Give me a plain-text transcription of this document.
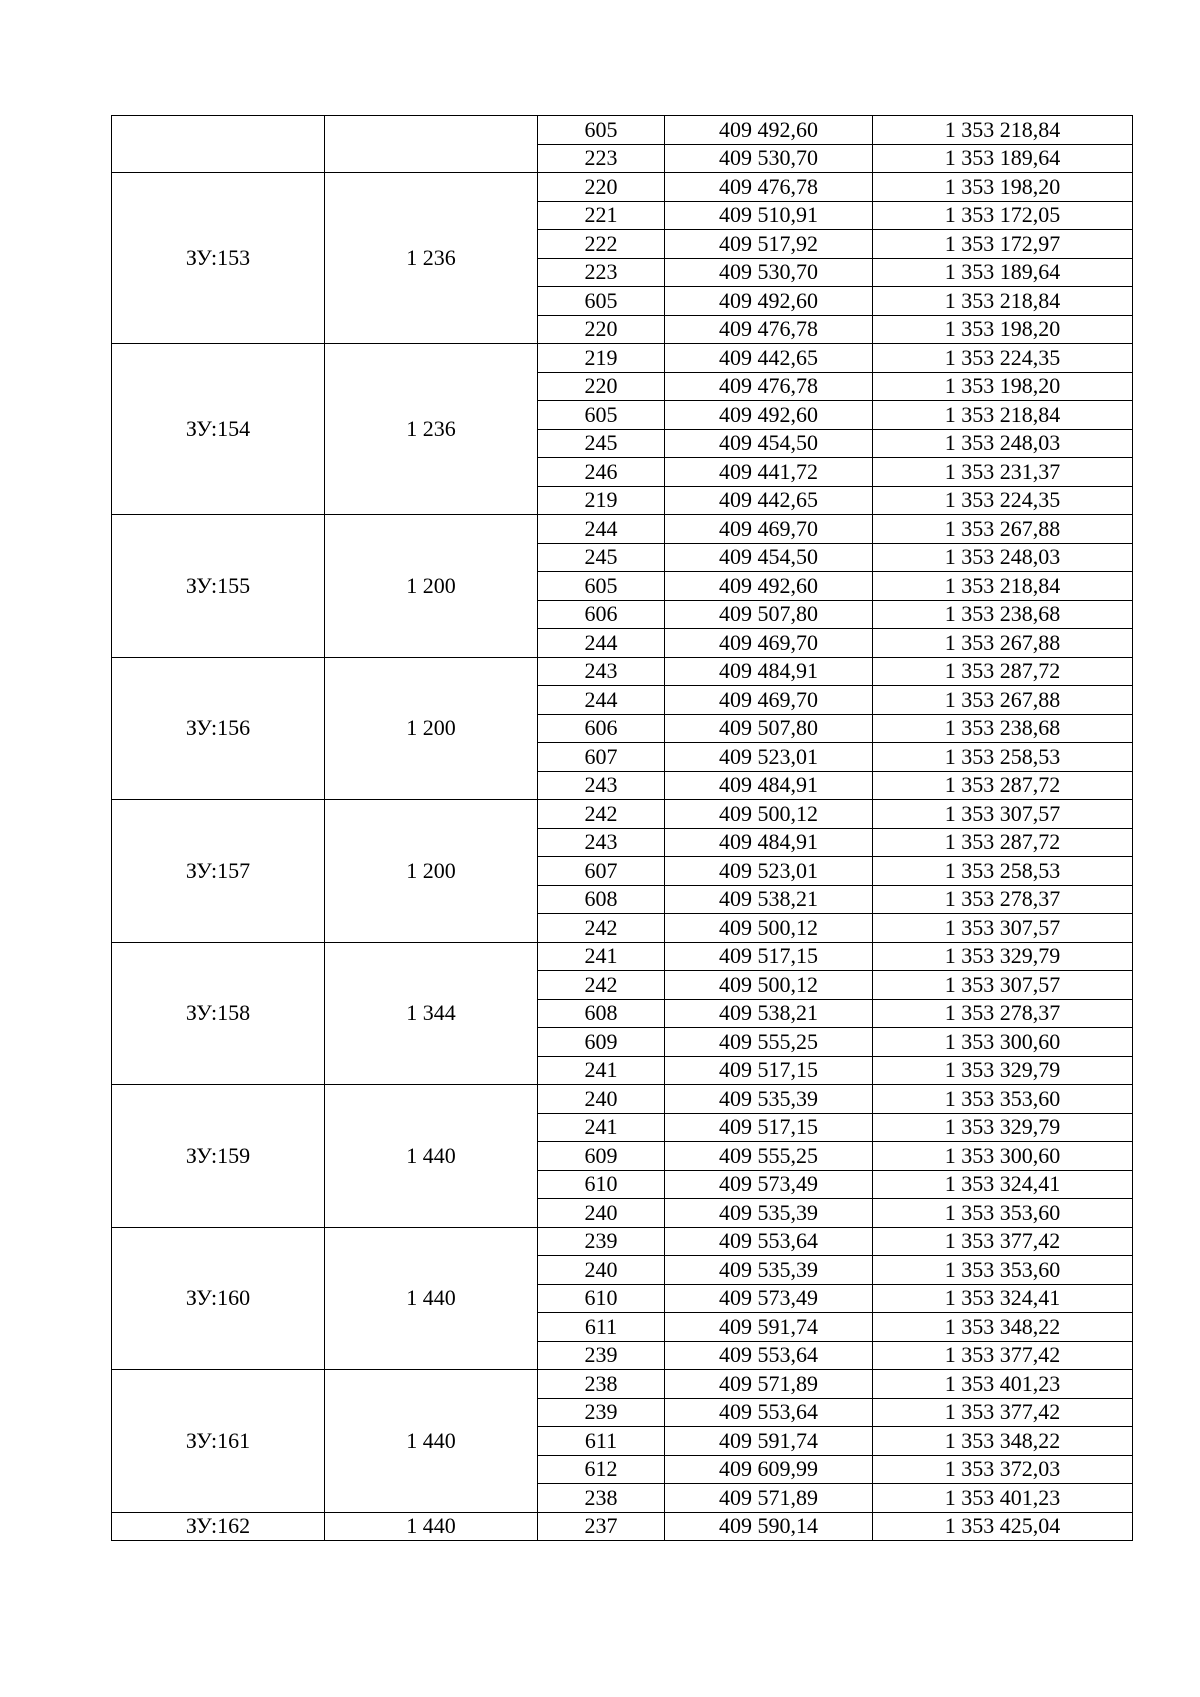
		605	409 492,60	1 353 218,84
		223	409 530,70	1 353 189,64
ЗУ:153	1 236	220	409 476,78	1 353 198,20
		221	409 510,91	1 353 172,05
		222	409 517,92	1 353 172,97
		223	409 530,70	1 353 189,64
		605	409 492,60	1 353 218,84
		220	409 476,78	1 353 198,20
ЗУ:154	1 236	219	409 442,65	1 353 224,35
		220	409 476,78	1 353 198,20
		605	409 492,60	1 353 218,84
		245	409 454,50	1 353 248,03
		246	409 441,72	1 353 231,37
		219	409 442,65	1 353 224,35
ЗУ:155	1 200	244	409 469,70	1 353 267,88
		245	409 454,50	1 353 248,03
		605	409 492,60	1 353 218,84
		606	409 507,80	1 353 238,68
		244	409 469,70	1 353 267,88
ЗУ:156	1 200	243	409 484,91	1 353 287,72
		244	409 469,70	1 353 267,88
		606	409 507,80	1 353 238,68
		607	409 523,01	1 353 258,53
		243	409 484,91	1 353 287,72
ЗУ:157	1 200	242	409 500,12	1 353 307,57
		243	409 484,91	1 353 287,72
		607	409 523,01	1 353 258,53
		608	409 538,21	1 353 278,37
		242	409 500,12	1 353 307,57
ЗУ:158	1 344	241	409 517,15	1 353 329,79
		242	409 500,12	1 353 307,57
		608	409 538,21	1 353 278,37
		609	409 555,25	1 353 300,60
		241	409 517,15	1 353 329,79
ЗУ:159	1 440	240	409 535,39	1 353 353,60
		241	409 517,15	1 353 329,79
		609	409 555,25	1 353 300,60
		610	409 573,49	1 353 324,41
		240	409 535,39	1 353 353,60
ЗУ:160	1 440	239	409 553,64	1 353 377,42
		240	409 535,39	1 353 353,60
		610	409 573,49	1 353 324,41
		611	409 591,74	1 353 348,22
		239	409 553,64	1 353 377,42
ЗУ:161	1 440	238	409 571,89	1 353 401,23
		239	409 553,64	1 353 377,42
		611	409 591,74	1 353 348,22
		612	409 609,99	1 353 372,03
		238	409 571,89	1 353 401,23
ЗУ:162	1 440	237	409 590,14	1 353 425,04
